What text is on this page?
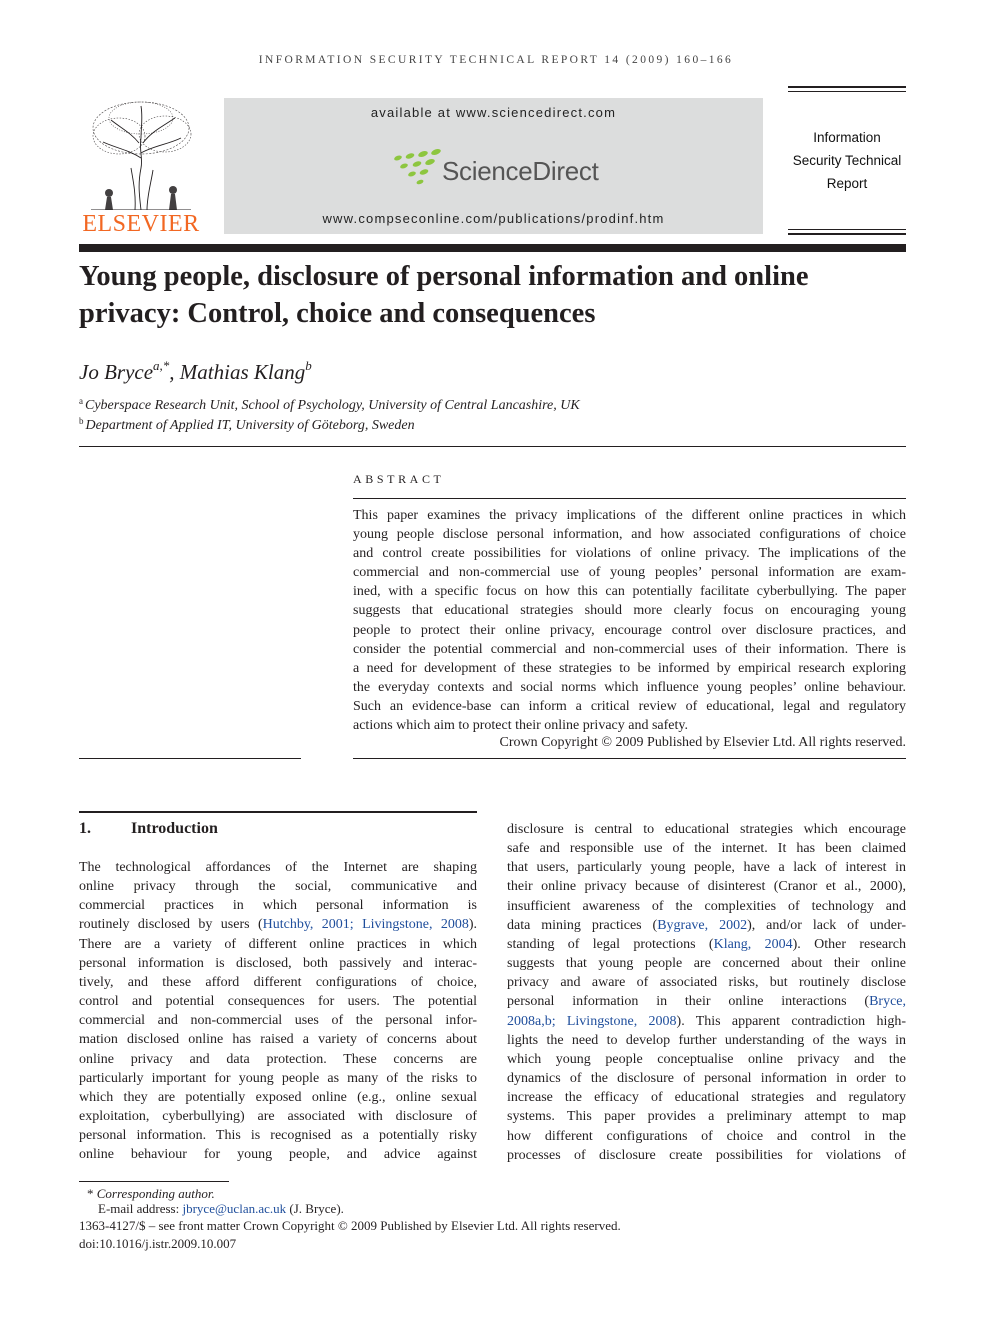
INFORMATION SECURITY TECHNICAL REPORT 14 (2009) 160–166
ELSEVIER
available at www.sciencedirect.com
ScienceDirect
www.compseconline.com/publications/prodinf.htm
Information
Security Technical
Report
Young people, disclosure of personal information and online
privacy: Control, choice and consequences
Jo Bryce$^{a,*}$, Mathias Klang$^b$
$^a$ Cyberspace Research Unit, School of Psychology, University of Central Lancashire, UK
$^b$ Department of Applied IT, University of Göteborg, Sweden
ABSTRACT
This paper examines the privacy implications of the different online practices in which
young people disclose personal information, and how associated configurations of choice
and control create possibilities for violations of online privacy. The implications of the
commercial and non-commercial use of young peoples’ personal information are exam-
ined, with a specific focus on how this can potentially facilitate cyberbullying. The paper
suggests that educational strategies should more clearly focus on encouraging young
people to protect their online privacy, encourage control over disclosure practices, and
consider the potential commercial and non-commercial uses of their information. There is
a need for development of these strategies to be informed by empirical research exploring
the everyday contexts and social norms which influence young peoples’ online behaviour.
Such an evidence-base can inform a critical review of educational, legal and regulatory
actions which aim to protect their online privacy and safety.
Crown Copyright © 2009 Published by Elsevier Ltd. All rights reserved.
1.	Introduction
The technological affordances of the Internet are shaping
online privacy through the social, communicative and
commercial practices in which personal information is
routinely disclosed by users (Hutchby, 2001; Livingstone, 2008).
There are a variety of different online practices in which
personal information is disclosed, both passively and interac-
tively, and these afford different configurations of choice,
control and potential consequences for users. The potential
commercial and non-commercial uses of the personal infor-
mation disclosed online has raised a variety of concerns about
online privacy and data protection. These concerns are
particularly important for young people as many of the risks to
which they are potentially exposed online (e.g., online sexual
exploitation, cyberbullying) are associated with disclosure of
personal information. This is recognised as a potentially risky
online behaviour for young people, and advice against
disclosure is central to educational strategies which encourage
safe and responsible use of the internet. It has been claimed
that users, particularly young people, have a lack of interest in
their online privacy because of disinterest (Cranor et al., 2000),
insufficient awareness of the complexities of technology and
data mining practices (Bygrave, 2002), and/or lack of under-
standing of legal protections (Klang, 2004). Other research
suggests that young people are concerned about their online
privacy and aware of associated risks, but routinely disclose
personal information in their online interactions (Bryce,
2008a,b; Livingstone, 2008). This apparent contradiction high-
lights the need to develop further understanding of the ways in
which young people conceptualise online privacy and the
dynamics of the disclosure of personal information in order to
increase the efficacy of educational strategies and regulatory
systems. This paper provides a preliminary attempt to map
how different configurations of choice and control in the
processes of disclosure create possibilities for violations of
* Corresponding author.
E-mail address: jbryce@uclan.ac.uk (J. Bryce).
1363-4127/$ – see front matter Crown Copyright © 2009 Published by Elsevier Ltd. All rights reserved.
doi:10.1016/j.istr.2009.10.007
